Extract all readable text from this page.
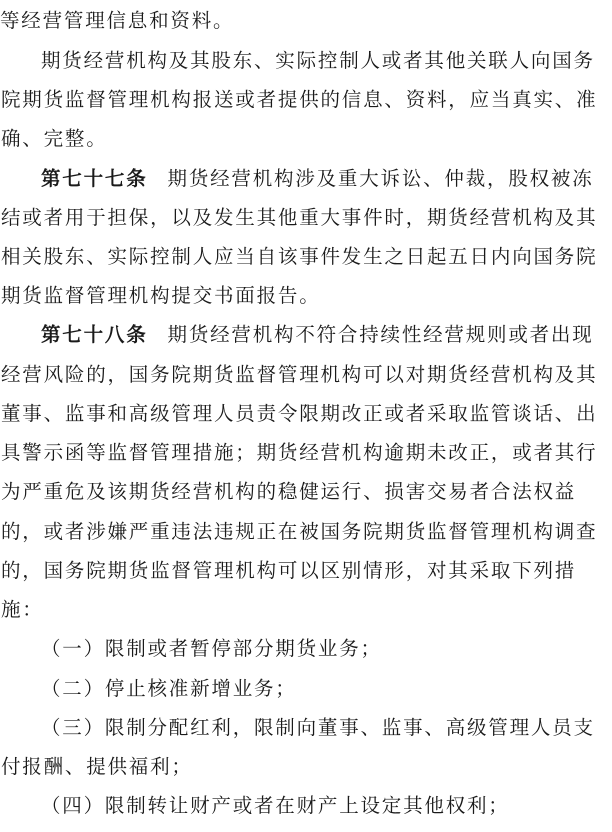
等经营管理信息和资料。
期货经营机构及其股东、实际控制人或者其他关联人向国务
院期货监督管理机构报送或者提供的信息、资料，应当真实、准
确、完整。
第七十七条 期货经营机构涉及重大诉讼、仲裁，股权被冻
结或者用于担保，以及发生其他重大事件时，期货经营机构及其
相关股东、实际控制人应当自该事件发生之日起五日内向国务院
期货监督管理机构提交书面报告。
第七十八条 期货经营机构不符合持续性经营规则或者出现
经营风险的，国务院期货监督管理机构可以对期货经营机构及其
董事、监事和高级管理人员责令限期改正或者采取监管谈话、出
具警示函等监督管理措施；期货经营机构逾期未改正，或者其行
为严重危及该期货经营机构的稳健运行、损害交易者合法权益
的，或者涉嫌严重违法违规正在被国务院期货监督管理机构调查
的，国务院期货监督管理机构可以区别情形，对其采取下列措
施：
（一）限制或者暂停部分期货业务；
（二）停止核准新增业务；
（三）限制分配红利，限制向董事、监事、高级管理人员支
付报酬、提供福利；
（四）限制转让财产或者在财产上设定其他权利；
